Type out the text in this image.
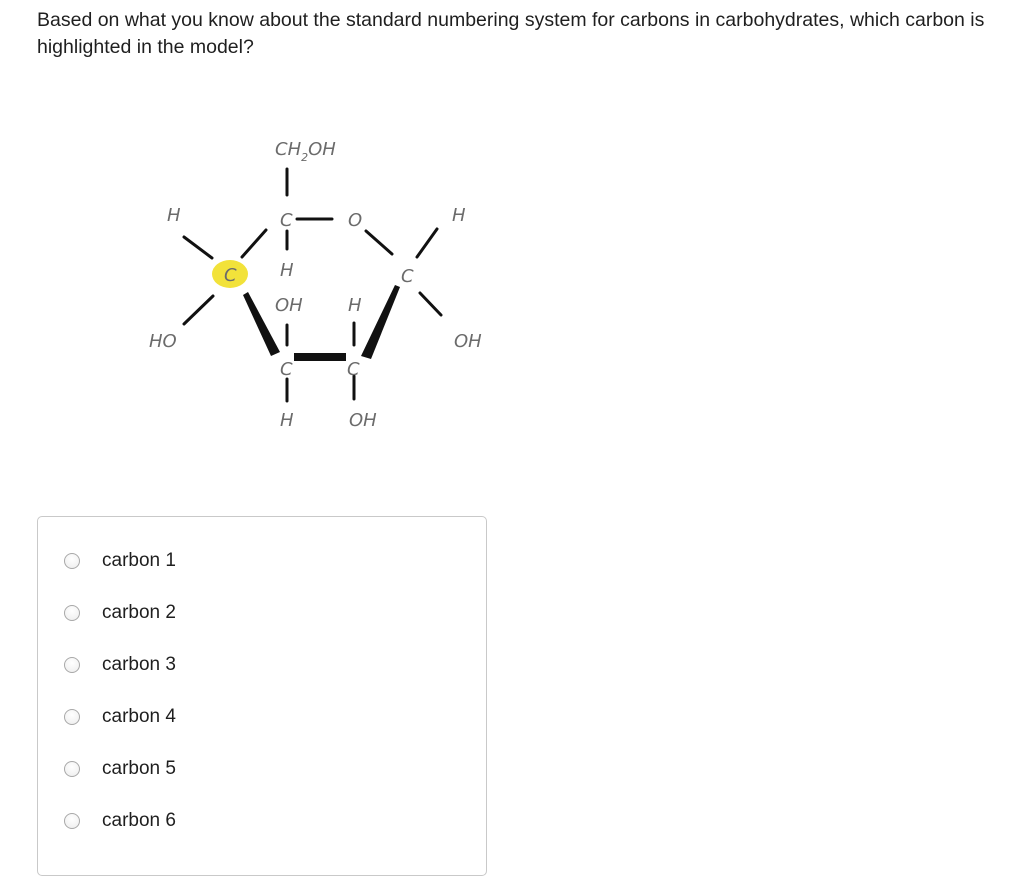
Based on what you know about the standard numbering system for carbons in carbohydrates, which carbon is highlighted in the model?
$CH_2OH$
C	O
H	H
C H	C
OH	H
HO	OH
C	C
H	OH
carbon 1
carbon 2
carbon 3
carbon 4
carbon 5
carbon 6
